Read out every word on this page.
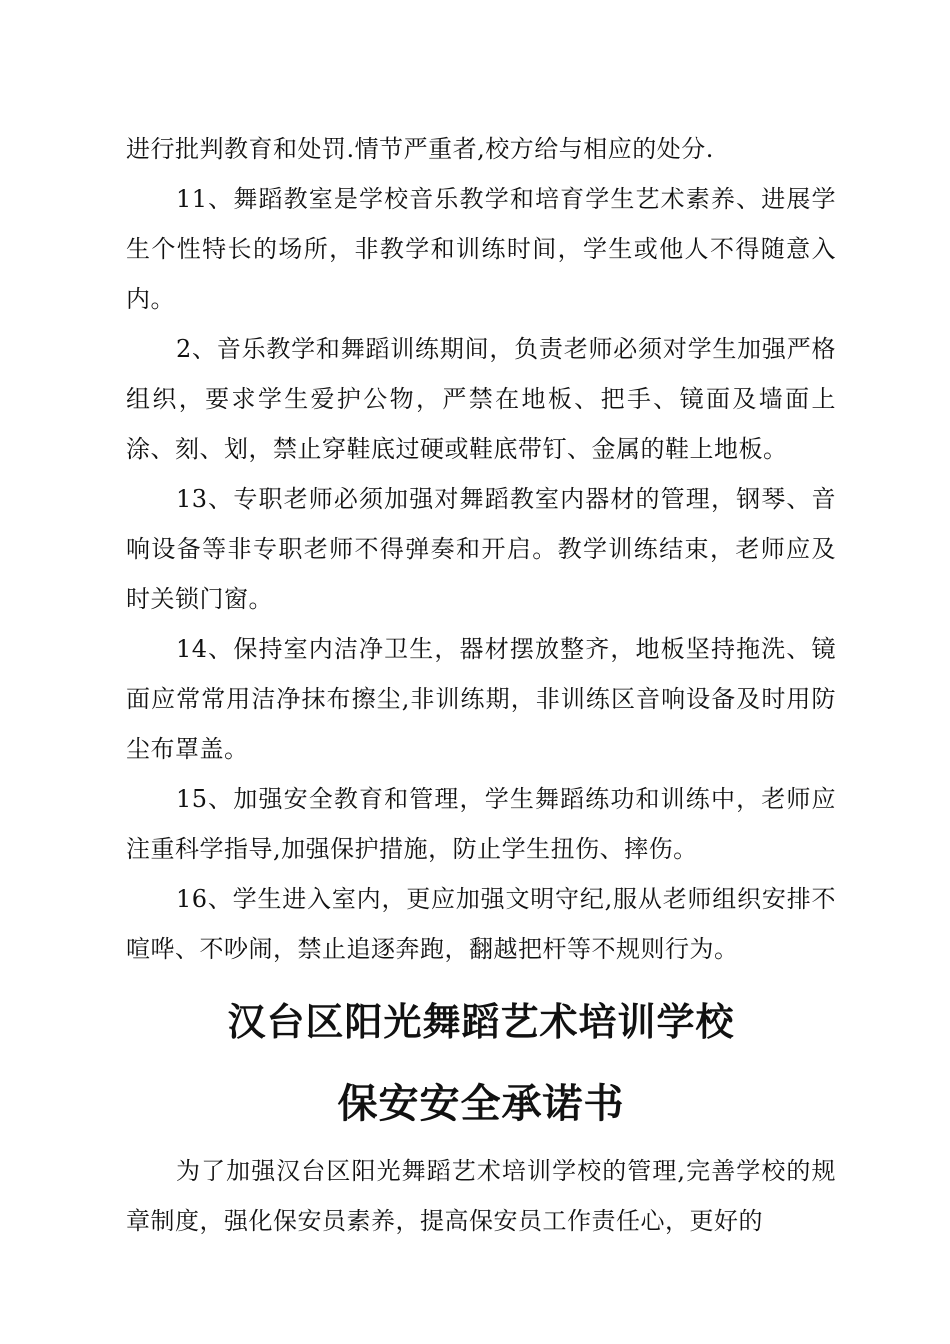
进行批判教育和处罚.情节严重者,校方给与相应的处分.

11、舞蹈教室是学校音乐教学和培育学生艺术素养、进展学生个性特长的场所，非教学和训练时间，学生或他人不得随意入内。

2、音乐教学和舞蹈训练期间，负责老师必须对学生加强严格组织，要求学生爱护公物，严禁在地板、把手、镜面及墙面上涂、刻、划，禁止穿鞋底过硬或鞋底带钉、金属的鞋上地板。

13、专职老师必须加强对舞蹈教室内器材的管理，钢琴、音响设备等非专职老师不得弹奏和开启。教学训练结束，老师应及时关锁门窗。

14、保持室内洁净卫生，器材摆放整齐，地板坚持拖洗、镜面应常常用洁净抹布擦尘,非训练期，非训练区音响设备及时用防尘布罩盖。

15、加强安全教育和管理，学生舞蹈练功和训练中，老师应注重科学指导,加强保护措施，防止学生扭伤、摔伤。

16、学生进入室内，更应加强文明守纪,服从老师组织安排不喧哗、不吵闹，禁止追逐奔跑，翻越把杆等不规则行为。

汉台区阳光舞蹈艺术培训学校
保安安全承诺书

为了加强汉台区阳光舞蹈艺术培训学校的管理,完善学校的规章制度，强化保安员素养，提高保安员工作责任心，更好的
